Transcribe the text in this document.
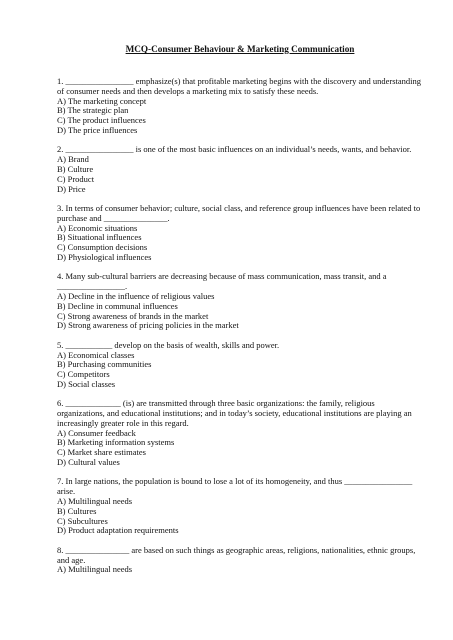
MCQ-Consumer Behaviour & Marketing Communication
1. ________________ emphasize(s) that profitable marketing begins with the discovery and understanding of consumer needs and then develops a marketing mix to satisfy these needs.
A) The marketing concept
B) The strategic plan
C) The product influences
D) The price influences
2. ________________ is one of the most basic influences on an individual’s needs, wants, and behavior.
A) Brand
B) Culture
C) Product
D) Price
3. In terms of consumer behavior; culture, social class, and reference group influences have been related to purchase and _______________.
A) Economic situations
B) Situational influences
C) Consumption decisions
D) Physiological influences
4. Many sub-cultural barriers are decreasing because of mass communication, mass transit, and a ________________.
A) Decline in the influence of religious values
B) Decline in communal influences
C) Strong awareness of brands in the market
D) Strong awareness of pricing policies in the market
5. ___________ develop on the basis of wealth, skills and power.
A) Economical classes
B) Purchasing communities
C) Competitors
D) Social classes
6. _____________ (is) are transmitted through three basic organizations: the family, religious organizations, and educational institutions; and in today’s society, educational institutions are playing an increasingly greater role in this regard.
A) Consumer feedback
B) Marketing information systems
C) Market share estimates
D) Cultural values
7. In large nations, the population is bound to lose a lot of its homogeneity, and thus ________________ arise.
A) Multilingual needs
B) Cultures
C) Subcultures
D) Product adaptation requirements
8. _______________ are based on such things as geographic areas, religions, nationalities, ethnic groups, and age.
A) Multilingual needs
